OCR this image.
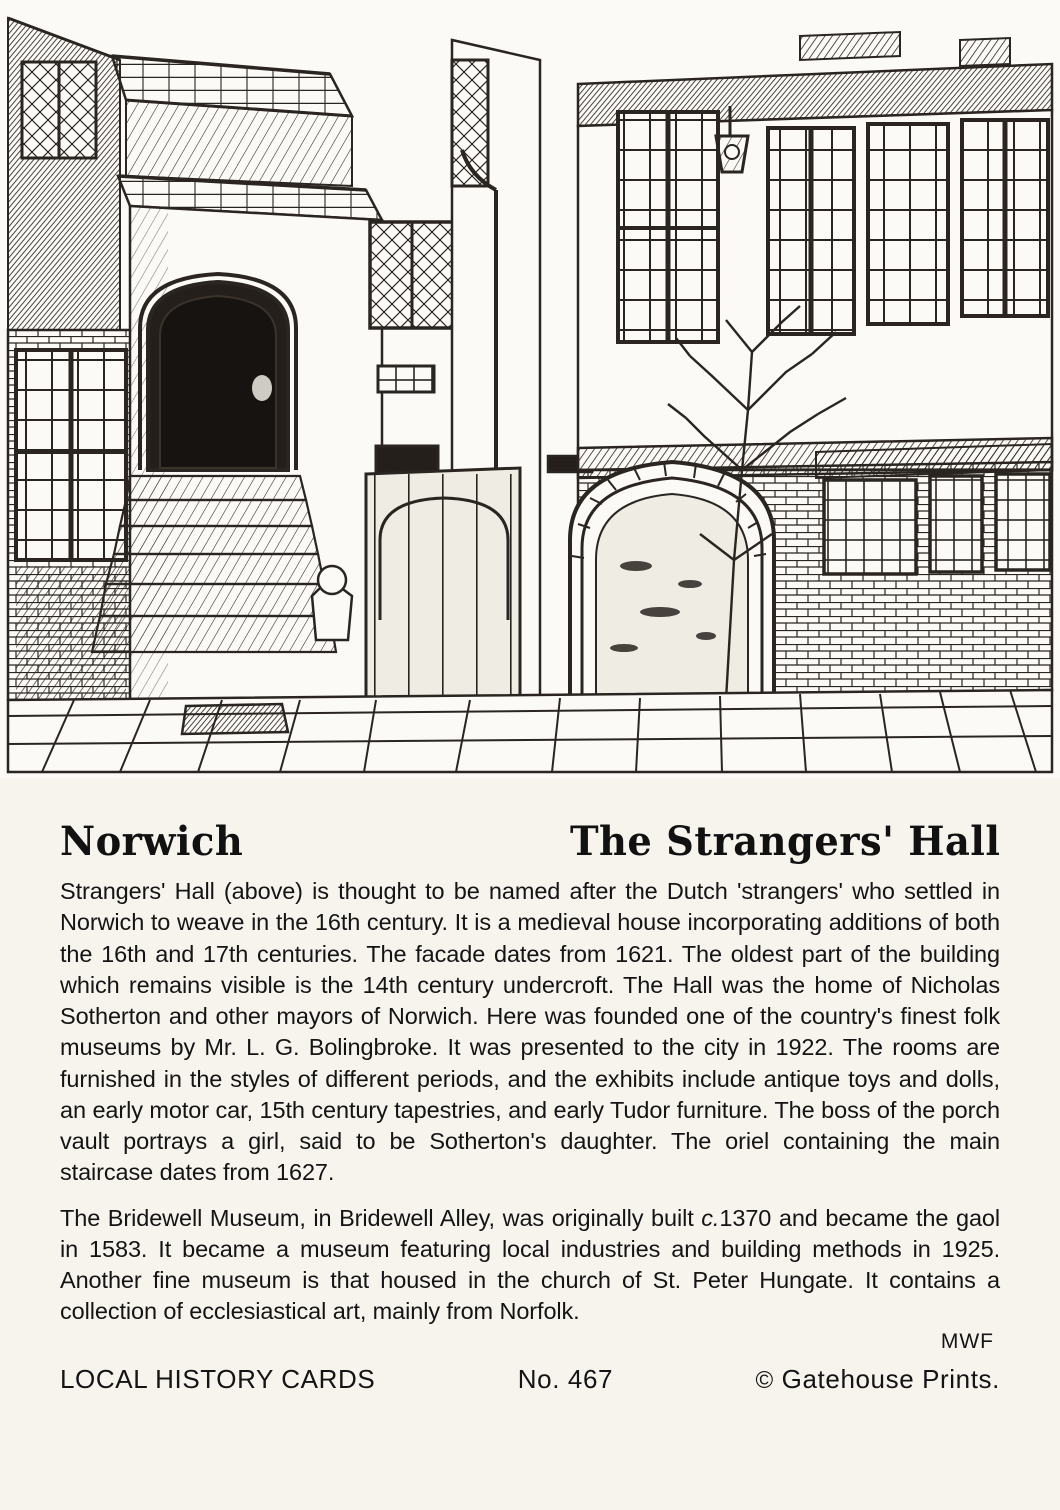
Norwich	The Strangers' Hall

Strangers' Hall (above) is thought to be named after the Dutch 'strangers' who settled in Norwich to weave in the 16th century. It is a medieval house incorporating additions of both the 16th and 17th centuries. The facade dates from 1621. The oldest part of the building which remains visible is the 14th century undercroft. The Hall was the home of Nicholas Sotherton and other mayors of Norwich. Here was founded one of the country's finest folk museums by Mr. L. G. Bolingbroke. It was presented to the city in 1922. The rooms are furnished in the styles of different periods, and the exhibits include antique toys and dolls, an early motor car, 15th century tapestries, and early Tudor furniture. The boss of the porch vault portrays a girl, said to be Sotherton's daughter. The oriel containing the main staircase dates from 1627.

The Bridewell Museum, in Bridewell Alley, was originally built c.1370 and became the gaol in 1583. It became a museum featuring local industries and building methods in 1925. Another fine museum is that housed in the church of St. Peter Hungate. It contains a collection of ecclesiastical art, mainly from Norfolk.

MWF
LOCAL HISTORY CARDS	No. 467	© Gatehouse Prints.
